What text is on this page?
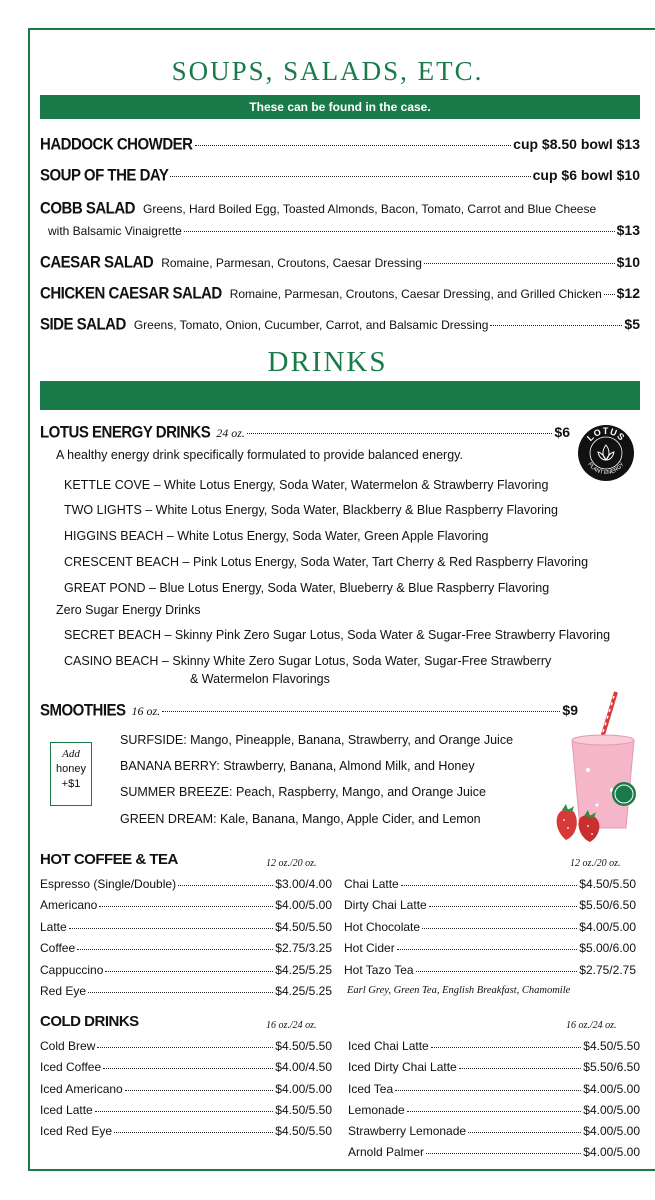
SOUPS, SALADS, ETC.
These can be found in the case.
HADDOCK CHOWDER	cup $8.50 bowl $13
SOUP OF THE DAY	cup $6 bowl $10
COBB SALAD Greens, Hard Boiled Egg, Toasted Almonds, Bacon, Tomato, Carrot and Blue Cheese
with Balsamic Vinaigrette	$13
CAESAR SALAD Romaine, Parmesan, Croutons, Caesar Dressing	$10
CHICKEN CAESAR SALAD Romaine, Parmesan, Croutons, Caesar Dressing, and Grilled Chicken $12
SIDE SALAD Greens, Tomato, Onion, Cucumber, Carrot, and Balsamic Dressing	$5
DRINKS
LOTUS ENERGY DRINKS 24 oz.	$6
A healthy energy drink specifically formulated to provide balanced energy.
LOTUS
PLANT ENERGY
KETTLE COVE – White Lotus Energy, Soda Water, Watermelon & Strawberry Flavoring
TWO LIGHTS – White Lotus Energy, Soda Water, Blackberry & Blue Raspberry Flavoring
HIGGINS BEACH – White Lotus Energy, Soda Water, Green Apple Flavoring
CRESCENT BEACH – Pink Lotus Energy, Soda Water, Tart Cherry & Red Raspberry Flavoring
GREAT POND – Blue Lotus Energy, Soda Water, Blueberry & Blue Raspberry Flavoring
Zero Sugar Energy Drinks
SECRET BEACH – Skinny Pink Zero Sugar Lotus, Soda Water & Sugar-Free Strawberry Flavoring
CASINO BEACH – Skinny White Zero Sugar Lotus, Soda Water, Sugar-Free Strawberry
& Watermelon Flavorings
SMOOTHIES 16 oz.	$9
Add
honey
+$1
SURFSIDE: Mango, Pineapple, Banana, Strawberry, and Orange Juice
BANANA BERRY: Strawberry, Banana, Almond Milk, and Honey
SUMMER BREEZE: Peach, Raspberry, Mango, and Orange Juice
GREEN DREAM: Kale, Banana, Mango, Apple Cider, and Lemon
HOT COFFEE & TEA	12 oz./20 oz.	12 oz./20 oz.
Espresso (Single/Double)	$3.00/4.00
Americano	$4.00/5.00
Latte	$4.50/5.50
Coffee	$2.75/3.25
Cappuccino	$4.25/5.25
Red Eye	$4.25/5.25
Chai Latte	$4.50/5.50
Dirty Chai Latte	$5.50/6.50
Hot Chocolate	$4.00/5.00
Hot Cider	$5.00/6.00
Hot Tazo Tea	$2.75/2.75
Earl Grey, Green Tea, English Breakfast, Chamomile
COLD DRINKS	16 oz./24 oz.	16 oz./24 oz.
Cold Brew	$4.50/5.50
Iced Coffee	$4.00/4.50
Iced Americano	$4.00/5.00
Iced Latte	$4.50/5.50
Iced Red Eye	$4.50/5.50
Iced Chai Latte	$4.50/5.50
Iced Dirty Chai Latte	$5.50/6.50
Iced Tea	$4.00/5.00
Lemonade	$4.00/5.00
Strawberry Lemonade	$4.00/5.00
Arnold Palmer	$4.00/5.00
